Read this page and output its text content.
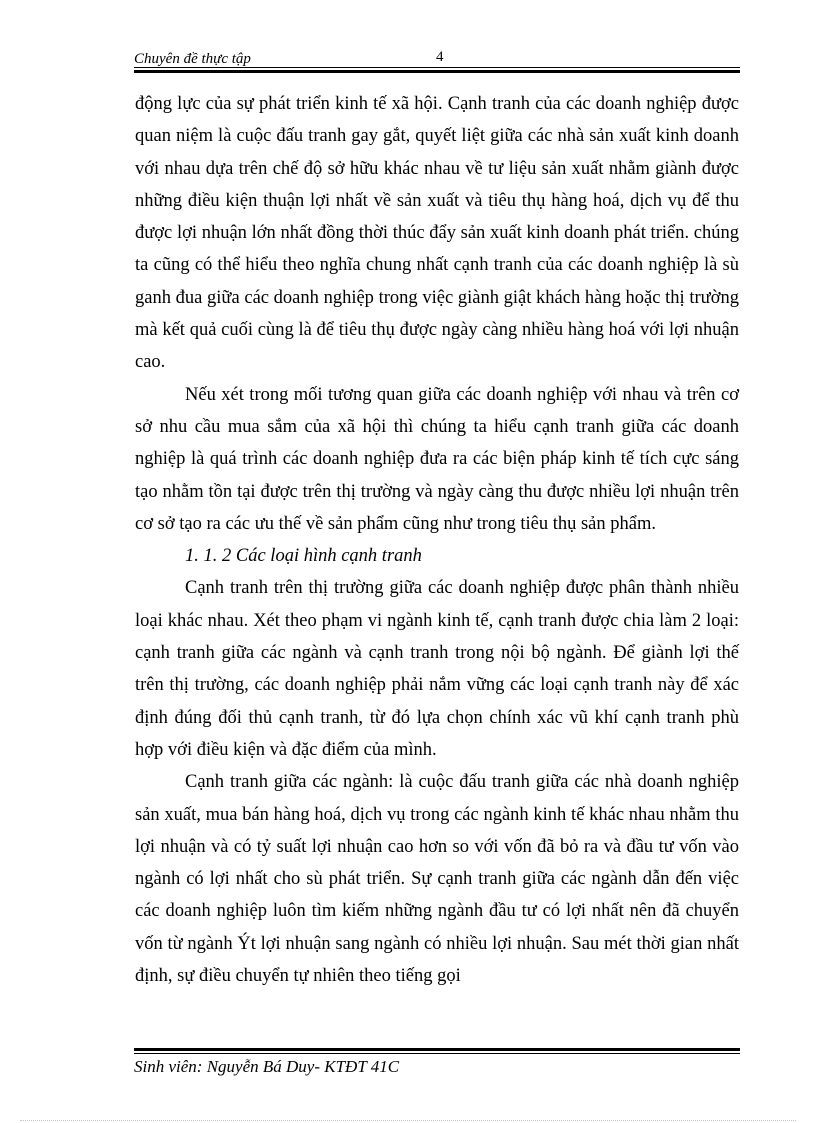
Chuyên đề thực tập	4

động lực của sự phát triển kinh tế xã hội. Cạnh tranh của các doanh nghiệp được quan niệm là cuộc đấu tranh gay gắt, quyết liệt giữa các nhà sản xuất kinh doanh với nhau dựa trên chế độ sở hữu khác nhau về tư liệu sản xuất nhằm giành được những điều kiện thuận lợi nhất về sản xuất và tiêu thụ hàng hoá, dịch vụ để thu được lợi nhuận lớn nhất đồng thời thúc đẩy sản xuất kinh doanh phát triển. chúng ta cũng có thể hiểu theo nghĩa chung nhất cạnh tranh của các doanh nghiệp là sù ganh đua giữa các doanh nghiệp trong việc giành giật khách hàng hoặc thị trường mà kết quả cuối cùng là để tiêu thụ được ngày càng nhiều hàng hoá với lợi nhuận cao.

Nếu xét trong mối tương quan giữa các doanh nghiệp với nhau và trên cơ sở nhu cầu mua sắm của xã hội thì chúng ta hiểu cạnh tranh giữa các doanh nghiệp là quá trình các doanh nghiệp đưa ra các biện pháp kinh tế tích cực sáng tạo nhằm tồn tại được trên thị trường và ngày càng thu được nhiều lợi nhuận trên cơ sở tạo ra các ưu thế về sản phẩm cũng như trong tiêu thụ sản phẩm.

1. 1. 2 Các loại hình cạnh tranh

Cạnh tranh trên thị trường giữa các doanh nghiệp được phân thành nhiều loại khác nhau. Xét theo phạm vi ngành kinh tế, cạnh tranh được chia làm 2 loại: cạnh tranh giữa các ngành và cạnh tranh trong nội bộ ngành. Để giành lợi thế trên thị trường, các doanh nghiệp phải nắm vững các loại cạnh tranh này để xác định đúng đối thủ cạnh tranh, từ đó lựa chọn chính xác vũ khí cạnh tranh phù hợp với điều kiện và đặc điểm của mình.

Cạnh tranh giữa các ngành: là cuộc đấu tranh giữa các nhà doanh nghiệp sản xuất, mua bán hàng hoá, dịch vụ trong các ngành kinh tế khác nhau nhằm thu lợi nhuận và có tỷ suất lợi nhuận cao hơn so với vốn đã bỏ ra và đầu tư vốn vào ngành có lợi nhất cho sù phát triển. Sự cạnh tranh giữa các ngành dẫn đến việc các doanh nghiệp luôn tìm kiếm những ngành đầu tư có lợi nhất nên đã chuyển vốn từ ngành Ýt lợi nhuận sang ngành có nhiều lợi nhuận. Sau mét thời gian nhất định, sự điều chuyển tự nhiên theo tiếng gọi

Sinh viên: Nguyễn Bá Duy- KTĐT 41C
